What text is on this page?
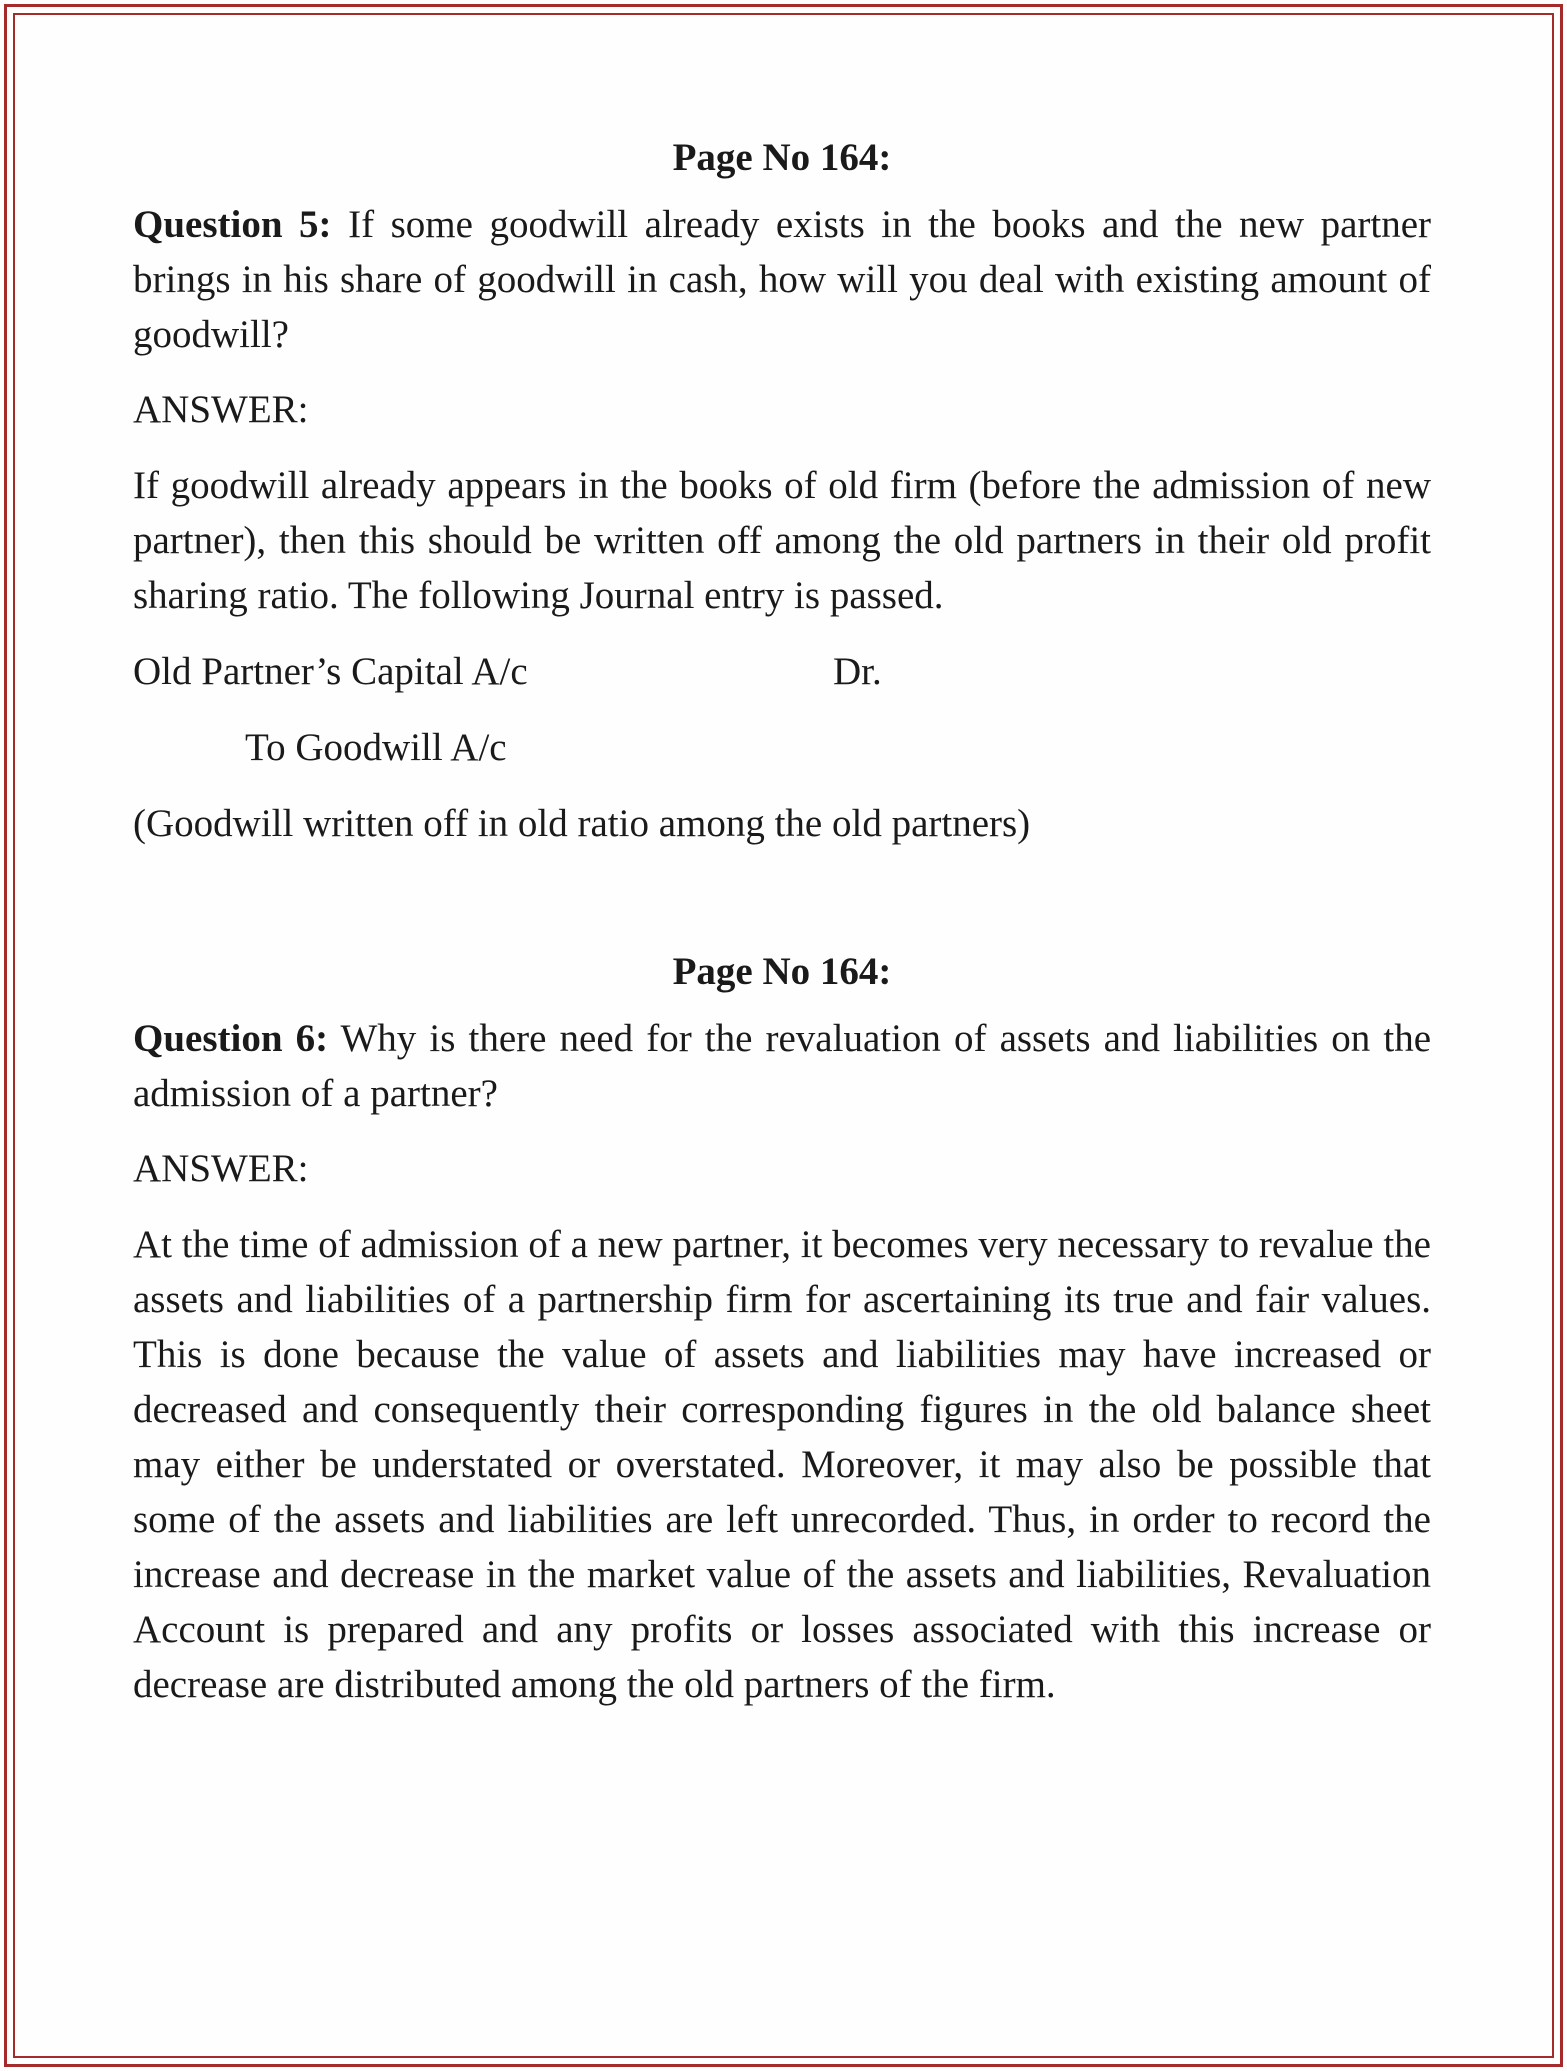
Page No 164:

Question 5: If some goodwill already exists in the books and the new partner brings in his share of goodwill in cash, how will you deal with existing amount of goodwill?

ANSWER:

If goodwill already appears in the books of old firm (before the admission of new partner), then this should be written off among the old partners in their old profit sharing ratio. The following Journal entry is passed.

Old Partner’s Capital A/c	Dr.

To Goodwill A/c

(Goodwill written off in old ratio among the old partners)

Page No 164:

Question 6: Why is there need for the revaluation of assets and liabilities on the admission of a partner?

ANSWER:

At the time of admission of a new partner, it becomes very necessary to revalue the assets and liabilities of a partnership firm for ascertaining its true and fair values. This is done because the value of assets and liabilities may have increased or decreased and consequently their corresponding figures in the old balance sheet may either be understated or overstated. Moreover, it may also be possible that some of the assets and liabilities are left unrecorded. Thus, in order to record the increase and decrease in the market value of the assets and liabilities, Revaluation Account is prepared and any profits or losses associated with this increase or decrease are distributed among the old partners of the firm.
